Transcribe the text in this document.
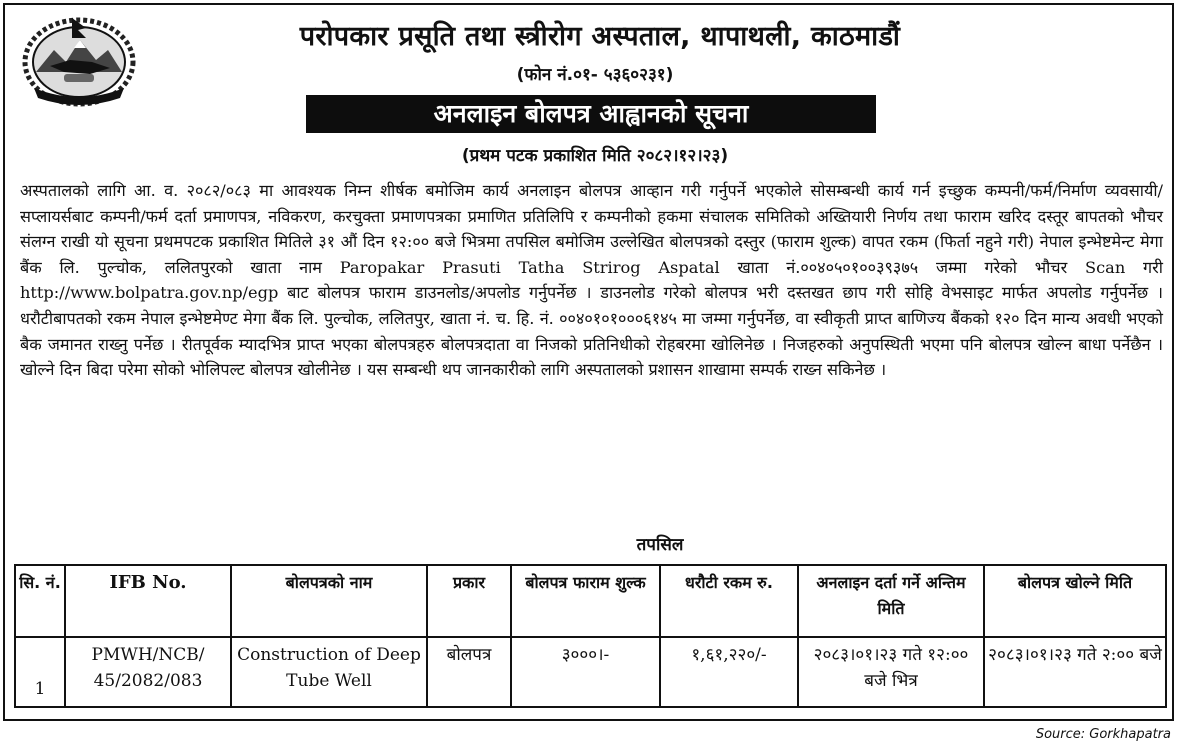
परोपकार प्रसूति तथा स्त्रीरोग अस्पताल, थापाथली, काठमाडौं
(फोन नं.०१- ५३६०२३१)
अनलाइन बोलपत्र आह्वानको सूचना
(प्रथम पटक प्रकाशित मिति २०८२।१२।२३)

अस्पतालको लागि आ. व. २०८२/०८३ मा आवश्यक निम्न शीर्षक बमोजिम कार्य अनलाइन बोलपत्र आव्हान गरी गर्नुपर्ने भएकोले सोसम्बन्धी कार्य गर्न इच्छुक कम्पनी/फर्म/निर्माण व्यवसायी/सप्लायर्सबाट कम्पनी/फर्म दर्ता प्रमाणपत्र, नविकरण, करचुक्ता प्रमाणपत्रका प्रमाणित प्रतिलिपि र कम्पनीको हकमा संचालक समितिको अख्तियारी निर्णय तथा फाराम खरिद दस्तूर बापतको भौचर संलग्न राखी यो सूचना प्रथमपटक प्रकाशित मितिले ३१ औं दिन १२:०० बजे भित्रमा तपसिल बमोजिम उल्लेखित बोलपत्रको दस्तुर (फाराम शुल्क) वापत रकम (फिर्ता नहुने गरी) नेपाल इन्भेष्टमेन्ट मेगा बैंक लि. पुल्चोक, ललितपुरको खाता नाम Paropakar Prasuti Tatha Strirog Aspatal खाता नं.००४०५०१००३९३७५ जम्मा गरेको भौचर Scan गरी http://www.bolpatra.gov.np/egp बाट बोलपत्र फाराम डाउनलोड/अपलोड गर्नुपर्नेछ । डाउनलोड गरेको बोलपत्र भरी दस्तखत छाप गरी सोहि वेभसाइट मार्फत अपलोड गर्नुपर्नेछ । धरौटीबापतको रकम नेपाल इन्भेष्टमेण्ट मेगा बैंक लि. पुल्चोक, ललितपुर, खाता नं. च. हि. नं. ००४०१०१०००६१४५ मा जम्मा गर्नुपर्नेछ, वा स्वीकृती प्राप्त बाणिज्य बैंकको १२० दिन मान्य अवधी भएको बैक जमानत राख्नु पर्नेछ । रीतपूर्वक म्यादभित्र प्राप्त भएका बोलपत्रहरु बोलपत्रदाता वा निजको प्रतिनिधीको रोहबरमा खोलिनेछ । निजहरुको अनुपस्थिती भएमा पनि बोलपत्र खोल्न बाधा पर्नेछैन । खोल्ने दिन बिदा परेमा सोको भोलिपल्ट बोलपत्र खोलीनेछ । यस सम्बन्धी थप जानकारीको लागि अस्पतालको प्रशासन शाखामा सम्पर्क राख्न सकिनेछ ।

तपसिल
सि. नं.	IFB No.	बोलपत्रको नाम	प्रकार	बोलपत्र फाराम शुल्क	धरौटी रकम रु.	अनलाइन दर्ता गर्ने अन्तिम मिति	बोलपत्र खोल्ने मिति
1	PMWH/NCB/ 45/2082/083	Construction of Deep Tube Well	बोलपत्र	३०००।-	१,६१,२२०/-	२०८३।०१।२३ गते १२:०० बजे भित्र	२०८३।०१।२३ गते २:०० बजे
Source: Gorkhapatra
